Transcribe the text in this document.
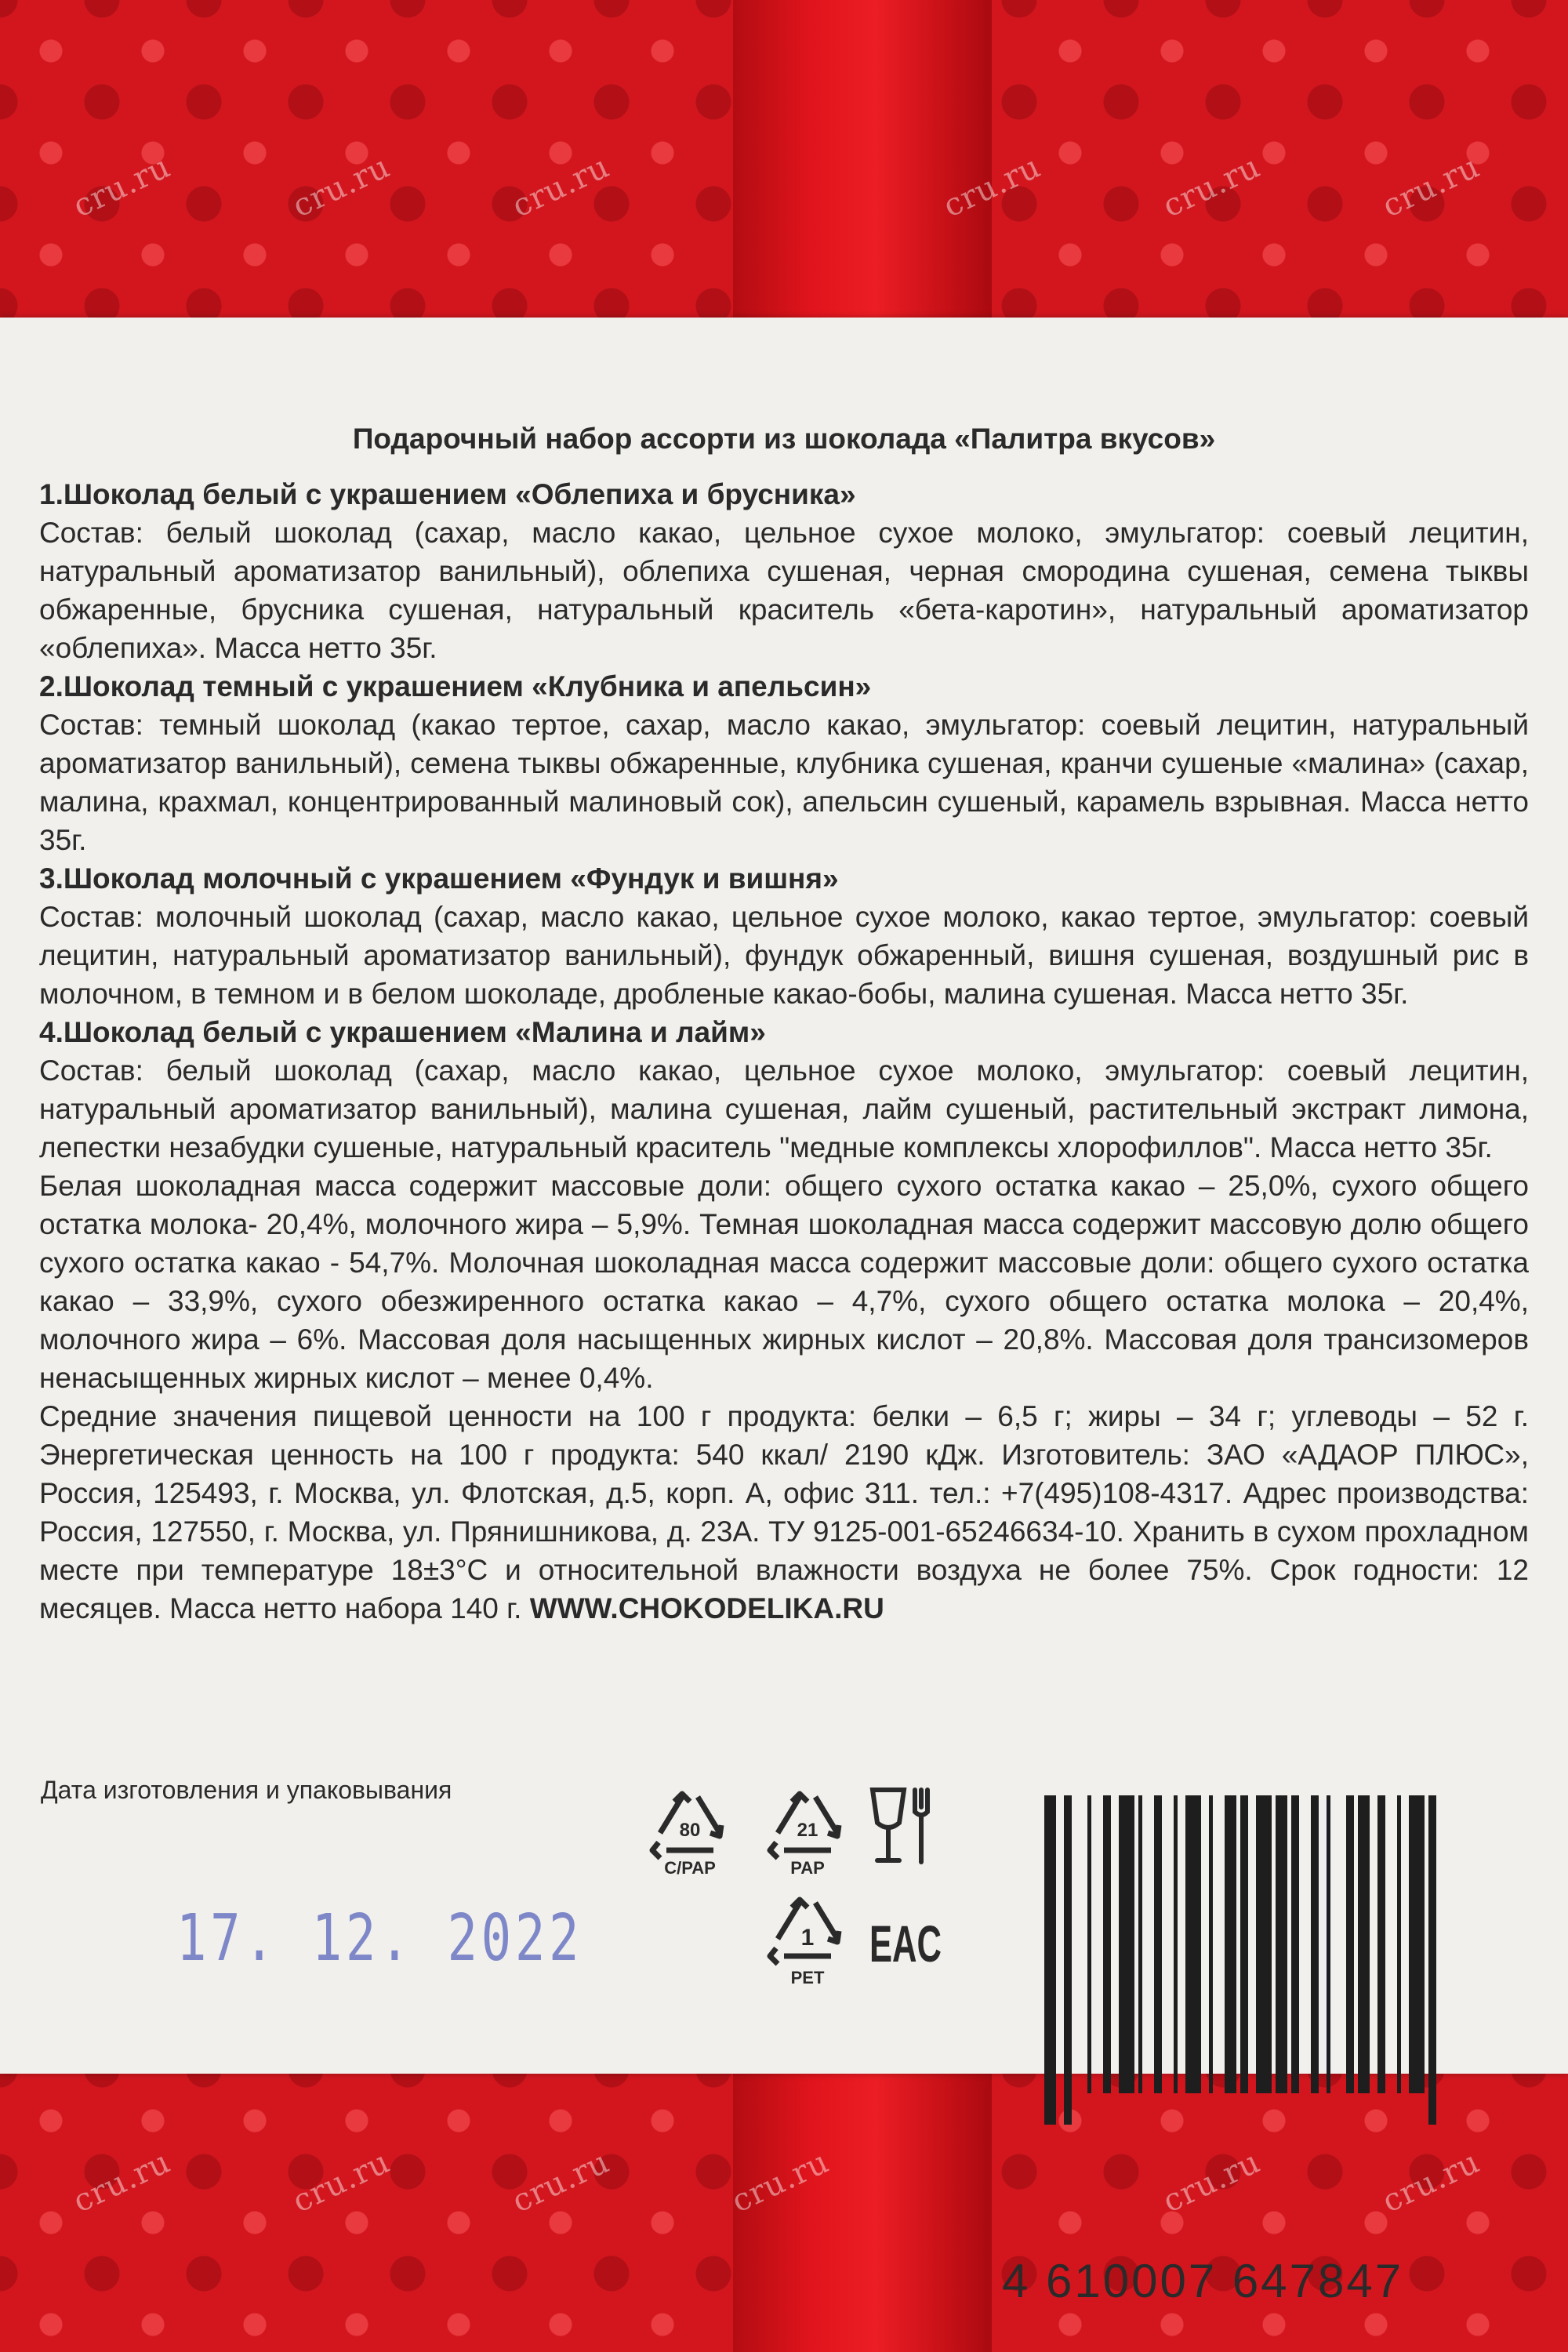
cru.ru	cru.ru	cru.ru	cru.ru	cru.ru	cru.ru
cru.ru	cru.ru	cru.ru	cru.ru	cru.ru	cru.ru
Подарочный набор ассорти из шоколада «Палитра вкусов»
1.Шоколад белый с украшением «Облепиха и брусника»
Состав: белый шоколад (сахар, масло какао, цельное сухое молоко, эмульгатор: соевый лецитин, натуральный ароматизатор ванильный), облепиха сушеная, черная смородина сушеная, семена тыквы обжаренные, брусника сушеная, натуральный краситель «бета-каротин», натуральный ароматизатор «облепиха». Масса нетто 35г.
2.Шоколад темный с украшением «Клубника и апельсин»
Состав: темный шоколад (какао тертое, сахар, масло какао, эмульгатор: соевый лецитин, натуральный ароматизатор ванильный), семена тыквы обжаренные, клубника сушеная, кранчи сушеные «малина» (сахар, малина, крахмал, концентрированный малиновый сок), апельсин сушеный, карамель взрывная. Масса нетто 35г.
3.Шоколад молочный с украшением «Фундук и вишня»
Состав: молочный шоколад (сахар, масло какао, цельное сухое молоко, какао тертое, эмульгатор: соевый лецитин, натуральный ароматизатор ванильный), фундук обжаренный, вишня сушеная, воздушный рис в молочном, в темном и в белом шоколаде, дробленые какао-бобы, малина сушеная. Масса нетто 35г.
4.Шоколад белый с украшением «Малина и лайм»
Состав: белый шоколад (сахар, масло какао, цельное сухое молоко, эмульгатор: соевый лецитин, натуральный ароматизатор ванильный), малина сушеная, лайм сушеный, растительный экстракт лимона, лепестки незабудки сушеные, натуральный краситель "медные комплексы хлорофиллов". Масса нетто 35г.
Белая шоколадная масса содержит массовые доли: общего сухого остатка какао – 25,0%, сухого общего остатка молока- 20,4%, молочного жира – 5,9%. Темная шоколадная масса содержит массовую долю общего сухого остатка какао - 54,7%. Молочная шоколадная масса содержит массовые доли: общего сухого остатка какао – 33,9%, сухого обезжиренного остатка какао – 4,7%, сухого общего остатка молока – 20,4%, молочного жира – 6%. Массовая доля насыщенных жирных кислот – 20,8%. Массовая доля трансизомеров ненасыщенных жирных кислот – менее 0,4%.
Средние значения пищевой ценности на 100 г продукта: белки – 6,5 г; жиры – 34 г; углеводы – 52 г. Энергетическая ценность на 100 г продукта: 540 ккал/ 2190 кДж. Изготовитель: ЗАО «АДАОР ПЛЮС», Россия, 125493, г. Москва, ул. Флотская, д.5, корп. А, офис 311. тел.: +7(495)108-4317. Адрес производства: Россия, 127550, г. Москва, ул. Прянишникова, д. 23А. ТУ 9125-001-65246634-10. Хранить в сухом прохладном месте при температуре 18±3°С и относительной влажности воздуха не более 75%. Срок годности: 12 месяцев. Масса нетто набора 140 г. WWW.CHOKODELIKA.RU
Дата изготовления и упаковывания
17. 12. 2022
80
C/PAP
21
PAP
1
PET
EAC
4 610007 647847
